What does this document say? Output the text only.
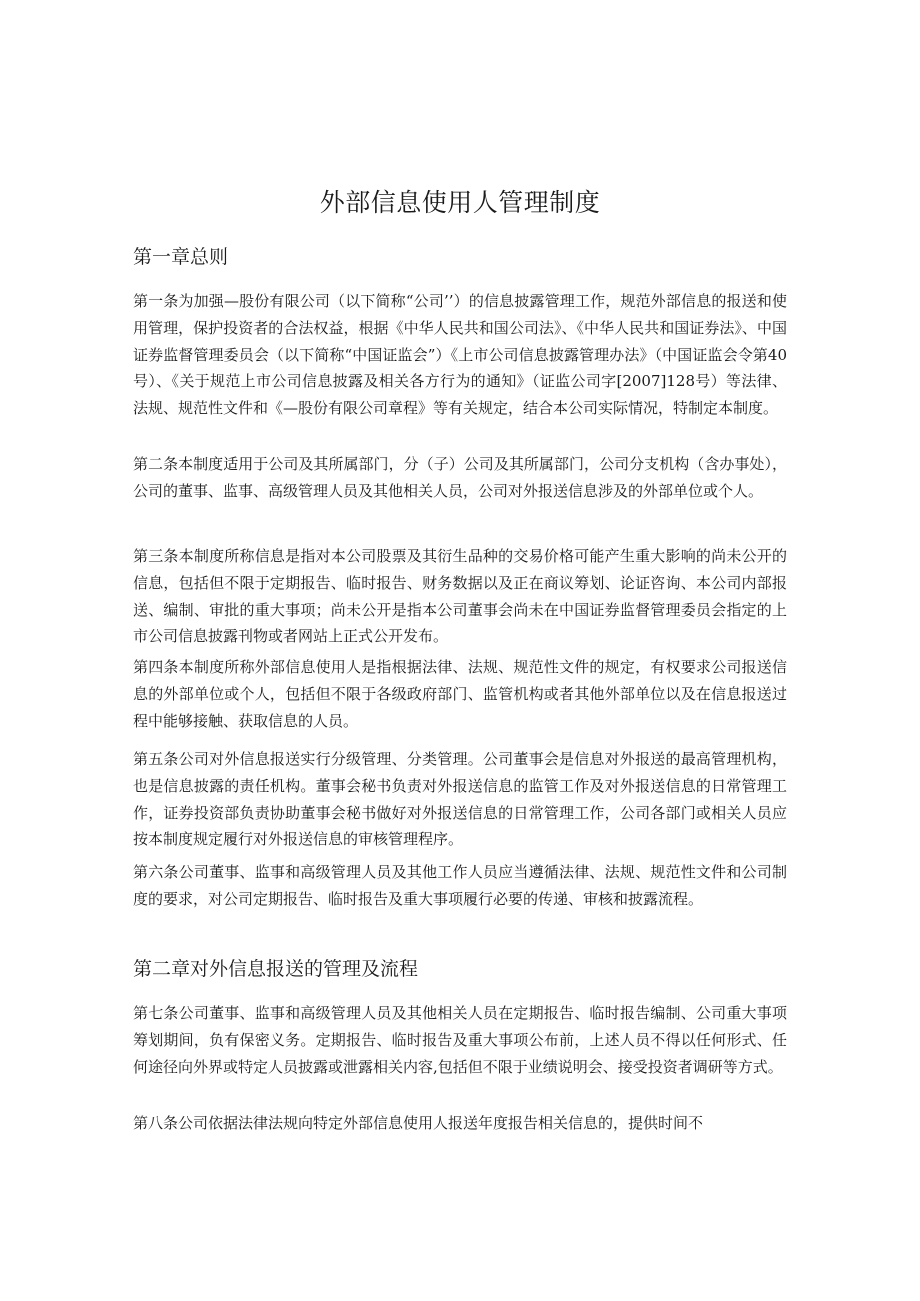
外部信息使用人管理制度
第一章总则

第一条为加强—股份有限公司（以下简称“公司’’）的信息披露管理工作，规范外部信息的报送和使用管理，保护投资者的合法权益，根据《中华人民共和国公司法》、《中华人民共和国证券法》、中国证券监督管理委员会（以下简称“中国证监会”）《上市公司信息披露管理办法》（中国证监会令第40号）、《关于规范上市公司信息披露及相关各方行为的通知》（证监公司字[2007]128号）等法律、法规、规范性文件和《—股份有限公司章程》等有关规定，结合本公司实际情况，特制定本制度。

第二条本制度适用于公司及其所属部门，分（子）公司及其所属部门，公司分支机构（含办事处），公司的董事、监事、高级管理人员及其他相关人员，公司对外报送信息涉及的外部单位或个人。

第三条本制度所称信息是指对本公司股票及其衍生品种的交易价格可能产生重大影响的尚未公开的信息，包括但不限于定期报告、临时报告、财务数据以及正在商议筹划、论证咨询、本公司内部报送、编制、审批的重大事项；尚未公开是指本公司董事会尚未在中国证券监督管理委员会指定的上市公司信息披露刊物或者网站上正式公开发布。

第四条本制度所称外部信息使用人是指根据法律、法规、规范性文件的规定，有权要求公司报送信息的外部单位或个人，包括但不限于各级政府部门、监管机构或者其他外部单位以及在信息报送过程中能够接触、获取信息的人员。

第五条公司对外信息报送实行分级管理、分类管理。公司董事会是信息对外报送的最高管理机构，也是信息披露的责任机构。董事会秘书负责对外报送信息的监管工作及对外报送信息的日常管理工作，证券投资部负责协助董事会秘书做好对外报送信息的日常管理工作，公司各部门或相关人员应按本制度规定履行对外报送信息的审核管理程序。

第六条公司董事、监事和高级管理人员及其他工作人员应当遵循法律、法规、规范性文件和公司制度的要求，对公司定期报告、临时报告及重大事项履行必要的传递、审核和披露流程。

第二章对外信息报送的管理及流程

第七条公司董事、监事和高级管理人员及其他相关人员在定期报告、临时报告编制、公司重大事项筹划期间，负有保密义务。定期报告、临时报告及重大事项公布前，上述人员不得以任何形式、任何途径向外界或特定人员披露或泄露相关内容,包括但不限于业绩说明会、接受投资者调研等方式。

第八条公司依据法律法规向特定外部信息使用人报送年度报告相关信息的，提供时间不
